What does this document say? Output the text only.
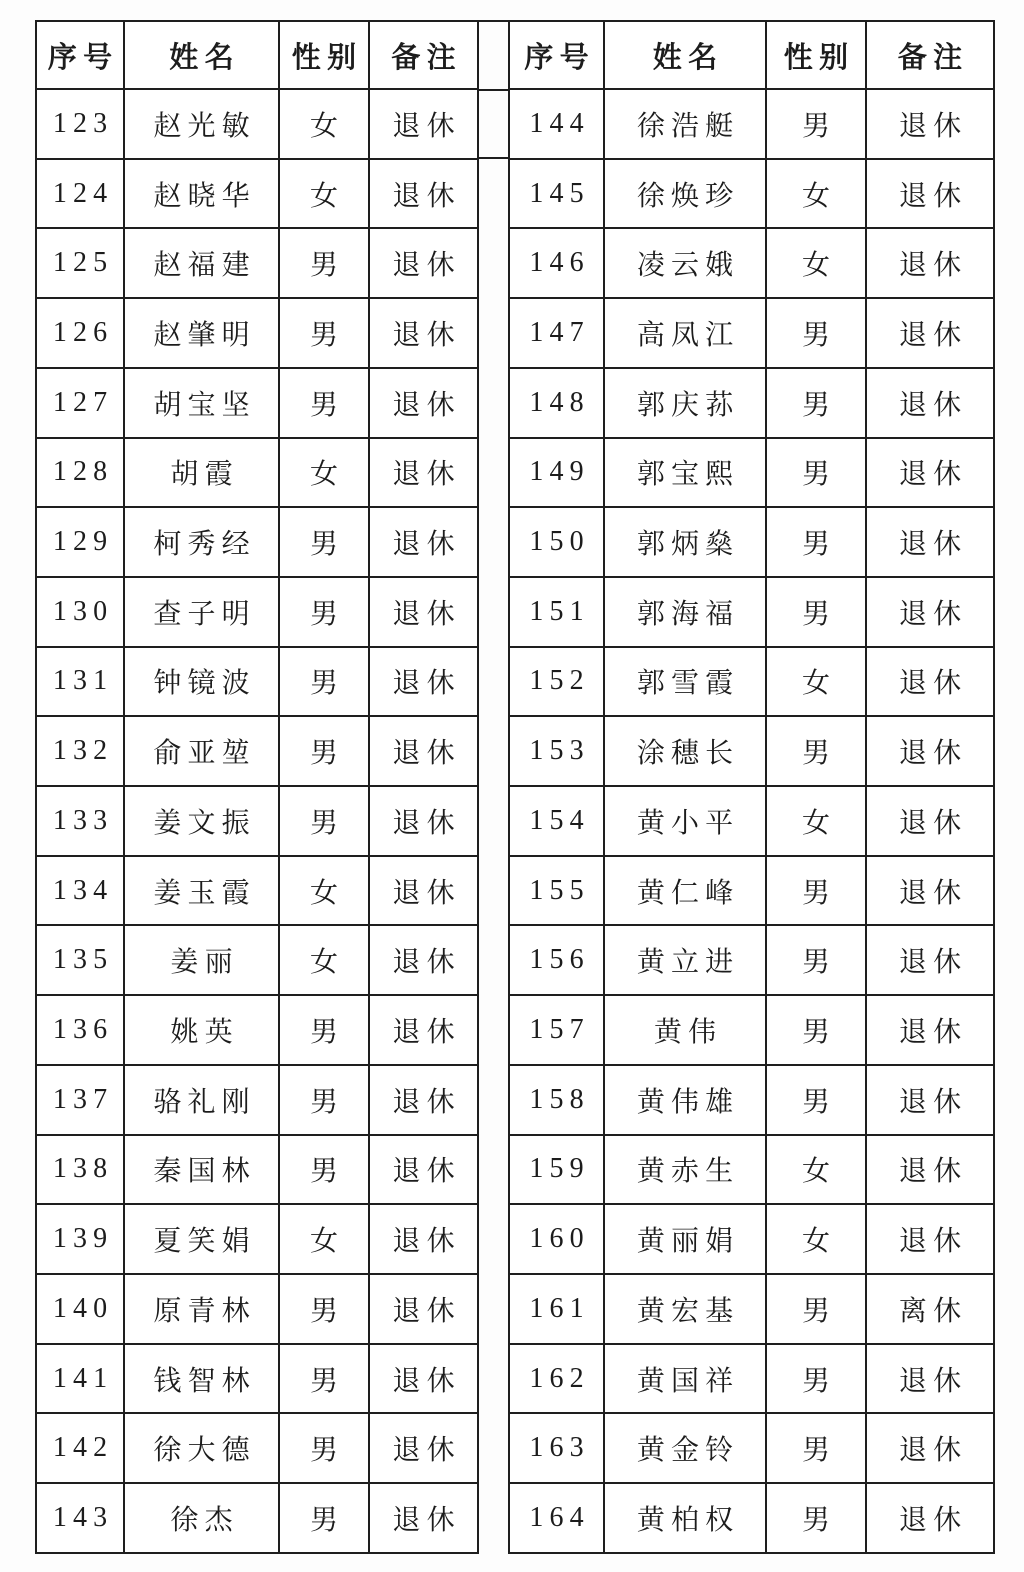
序号	姓名	性别	备注
123	赵光敏	女	退休
124	赵晓华	女	退休
125	赵福建	男	退休
126	赵肇明	男	退休
127	胡宝坚	男	退休
128	胡霞	女	退休
129	柯秀经	男	退休
130	查子明	男	退休
131	钟镜波	男	退休
132	俞亚堃	男	退休
133	姜文振	男	退休
134	姜玉霞	女	退休
135	姜丽	女	退休
136	姚英	男	退休
137	骆礼刚	男	退休
138	秦国林	男	退休
139	夏笑娟	女	退休
140	原青林	男	退休
141	钱智林	男	退休
142	徐大德	男	退休
143	徐杰	男	退休
序号	姓名	性别	备注
144	徐浩艇	男	退休
145	徐焕珍	女	退休
146	凌云娥	女	退休
147	高凤江	男	退休
148	郭庆荪	男	退休
149	郭宝熙	男	退休
150	郭炳燊	男	退休
151	郭海福	男	退休
152	郭雪霞	女	退休
153	涂穗长	男	退休
154	黄小平	女	退休
155	黄仁峰	男	退休
156	黄立进	男	退休
157	黄伟	男	退休
158	黄伟雄	男	退休
159	黄赤生	女	退休
160	黄丽娟	女	退休
161	黄宏基	男	离休
162	黄国祥	男	退休
163	黄金铃	男	退休
164	黄柏权	男	退休
